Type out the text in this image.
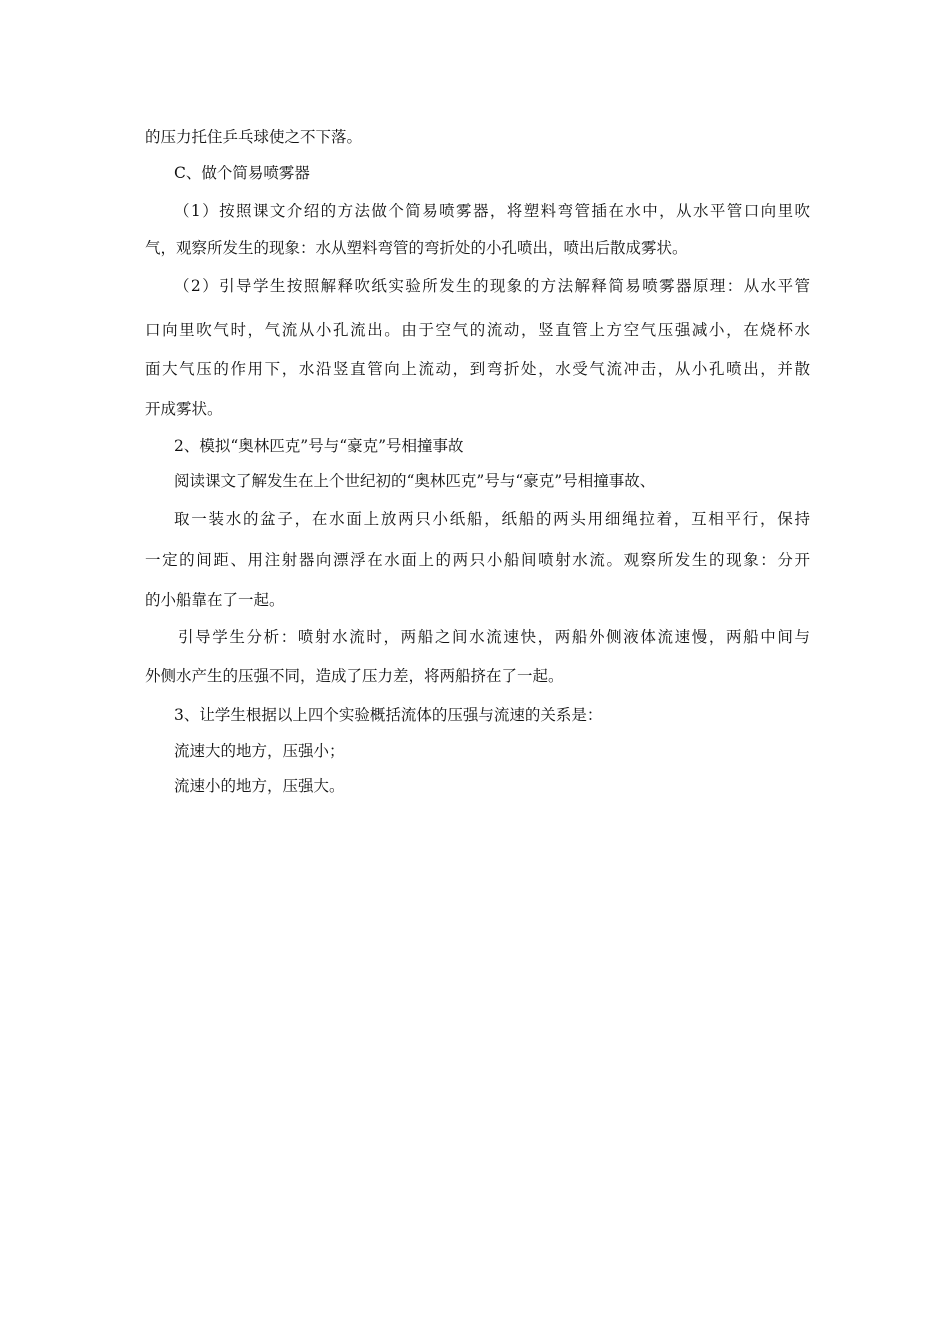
的压力托住乒乓球使之不下落。
C、做个简易喷雾器
（1）按照课文介绍的方法做个简易喷雾器，将塑料弯管插在水中，从水平管口向里吹
气，观察所发生的现象：水从塑料弯管的弯折处的小孔喷出，喷出后散成雾状。
（2）引导学生按照解释吹纸实验所发生的现象的方法解释简易喷雾器原理：从水平管
口向里吹气时，气流从小孔流出。由于空气的流动，竖直管上方空气压强减小，在烧杯水
面大气压的作用下，水沿竖直管向上流动，到弯折处，水受气流冲击，从小孔喷出，并散
开成雾状。
2、模拟“奥林匹克”号与“豪克”号相撞事故
阅读课文了解发生在上个世纪初的“奥林匹克”号与“豪克”号相撞事故、
取一装水的盆子，在水面上放两只小纸船，纸船的两头用细绳拉着，互相平行，保持
一定的间距、用注射器向漂浮在水面上的两只小船间喷射水流。观察所发生的现象：分开
的小船靠在了一起。
引导学生分析：喷射水流时，两船之间水流速快，两船外侧液体流速慢，两船中间与
外侧水产生的压强不同，造成了压力差，将两船挤在了一起。
3、让学生根据以上四个实验概括流体的压强与流速的关系是：
流速大的地方，压强小；
流速小的地方，压强大。
